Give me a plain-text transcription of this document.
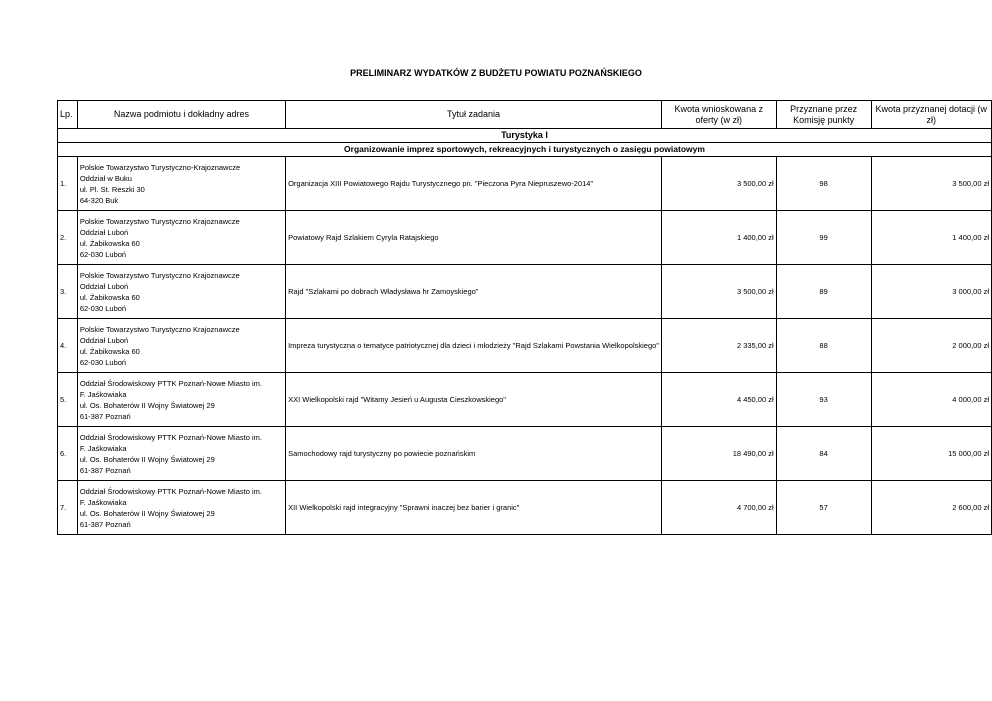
PRELIMINARZ WYDATKÓW Z BUDŻETU POWIATU POZNAŃSKIEGO
Lp.	Nazwa podmiotu i dokładny adres	Tytuł zadania	Kwota wnioskowana z oferty (w zł)	Przyznane przez Komisję punkty	Kwota przyznanej dotacji (w zł)
Turystyka I					
Organizowanie imprez sportowych, rekreacyjnych i turystycznych o zasięgu powiatowym					
1.	Polskie Towarzystwo Turystyczno-Krajoznawcze
Oddział w Buku
ul. Pl. St. Reszki 30
64-320 Buk	Organizacja XIII Powiatowego Rajdu Turystycznego pn. "Pieczona Pyra Niepruszewo-2014"	3 500,00 zł	98	3 500,00 zł
2.	Polskie Towarzystwo Turystyczno Krajoznawcze
Oddział Luboń
ul. Żabikowska 60
62-030 Luboń	Powiatowy Rajd Szlakiem Cyryla Ratajskiego	1 400,00 zł	99	1 400,00 zł
3.	Polskie Towarzystwo Turystyczno Krajoznawcze
Oddział Luboń
ul. Żabikowska 60
62-030 Luboń	Rajd "Szlakami po dobrach Władysława hr Zamoyskiego"	3 500,00 zł	89	3 000,00 zł
4.	Polskie Towarzystwo Turystyczno Krajoznawcze
Oddział Luboń
ul. Żabikowska 60
62-030 Luboń	Impreza turystyczna o tematyce patriotycznej dla dzieci i młodzieży "Rajd Szlakami Powstania Wielkopolskiego"	2 335,00 zł	88	2 000,00 zł
5.	Oddział Środowiskowy PTTK Poznań-Nowe Miasto im.
F. Jaśkowiaka
ul. Os. Bohaterów II Wojny Światowej 29
61-387 Poznań	XXI Wielkopolski rajd "Witamy Jesień u Augusta Cieszkowskiego"	4 450,00 zł	93	4 000,00 zł
6.	Oddział Środowiskowy PTTK Poznań-Nowe Miasto im.
F. Jaśkowiaka
ul. Os. Bohaterów II Wojny Światowej 29
61-387 Poznań	Samochodowy rajd turystyczny po powiecie poznańskim	18 490,00 zł	84	15 000,00 zł
7.	Oddział Środowiskowy PTTK Poznań-Nowe Miasto im.
F. Jaśkowiaka
ul. Os. Bohaterów II Wojny Światowej 29
61-387 Poznań	XII Wielkopolski rajd integracyjny "Sprawni inaczej bez barier i granic"	4 700,00 zł	57	2 600,00 zł
